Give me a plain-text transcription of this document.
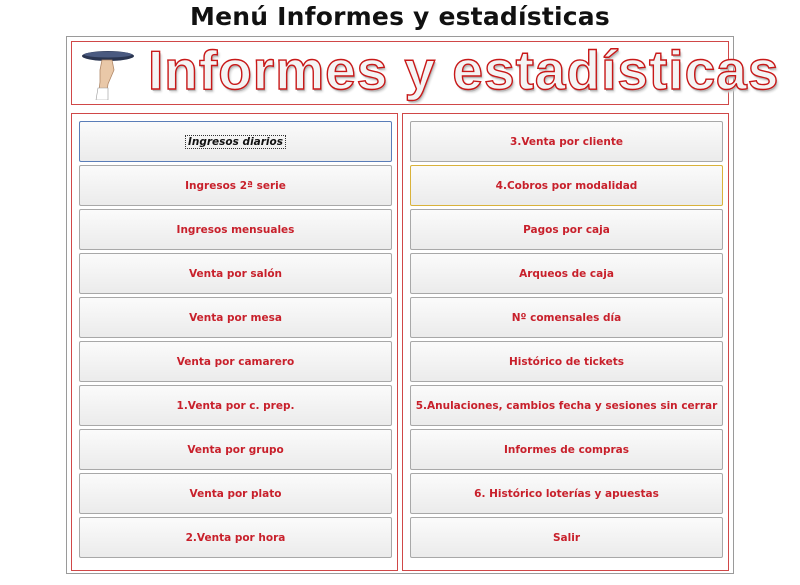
Menú Informes y estadísticas
Informes y estadísticas
Ingresos diarios
Ingresos 2ª serie
Ingresos mensuales
Venta por salón
Venta por mesa
Venta por camarero
1.Venta por c. prep.
Venta por grupo
Venta por plato
2.Venta por hora
3.Venta por cliente
4.Cobros por modalidad
Pagos por caja
Arqueos de caja
Nº comensales día
Histórico de tickets
5.Anulaciones, cambios fecha y sesiones sin cerrar
Informes de compras
6. Histórico loterías y apuestas
Salir
